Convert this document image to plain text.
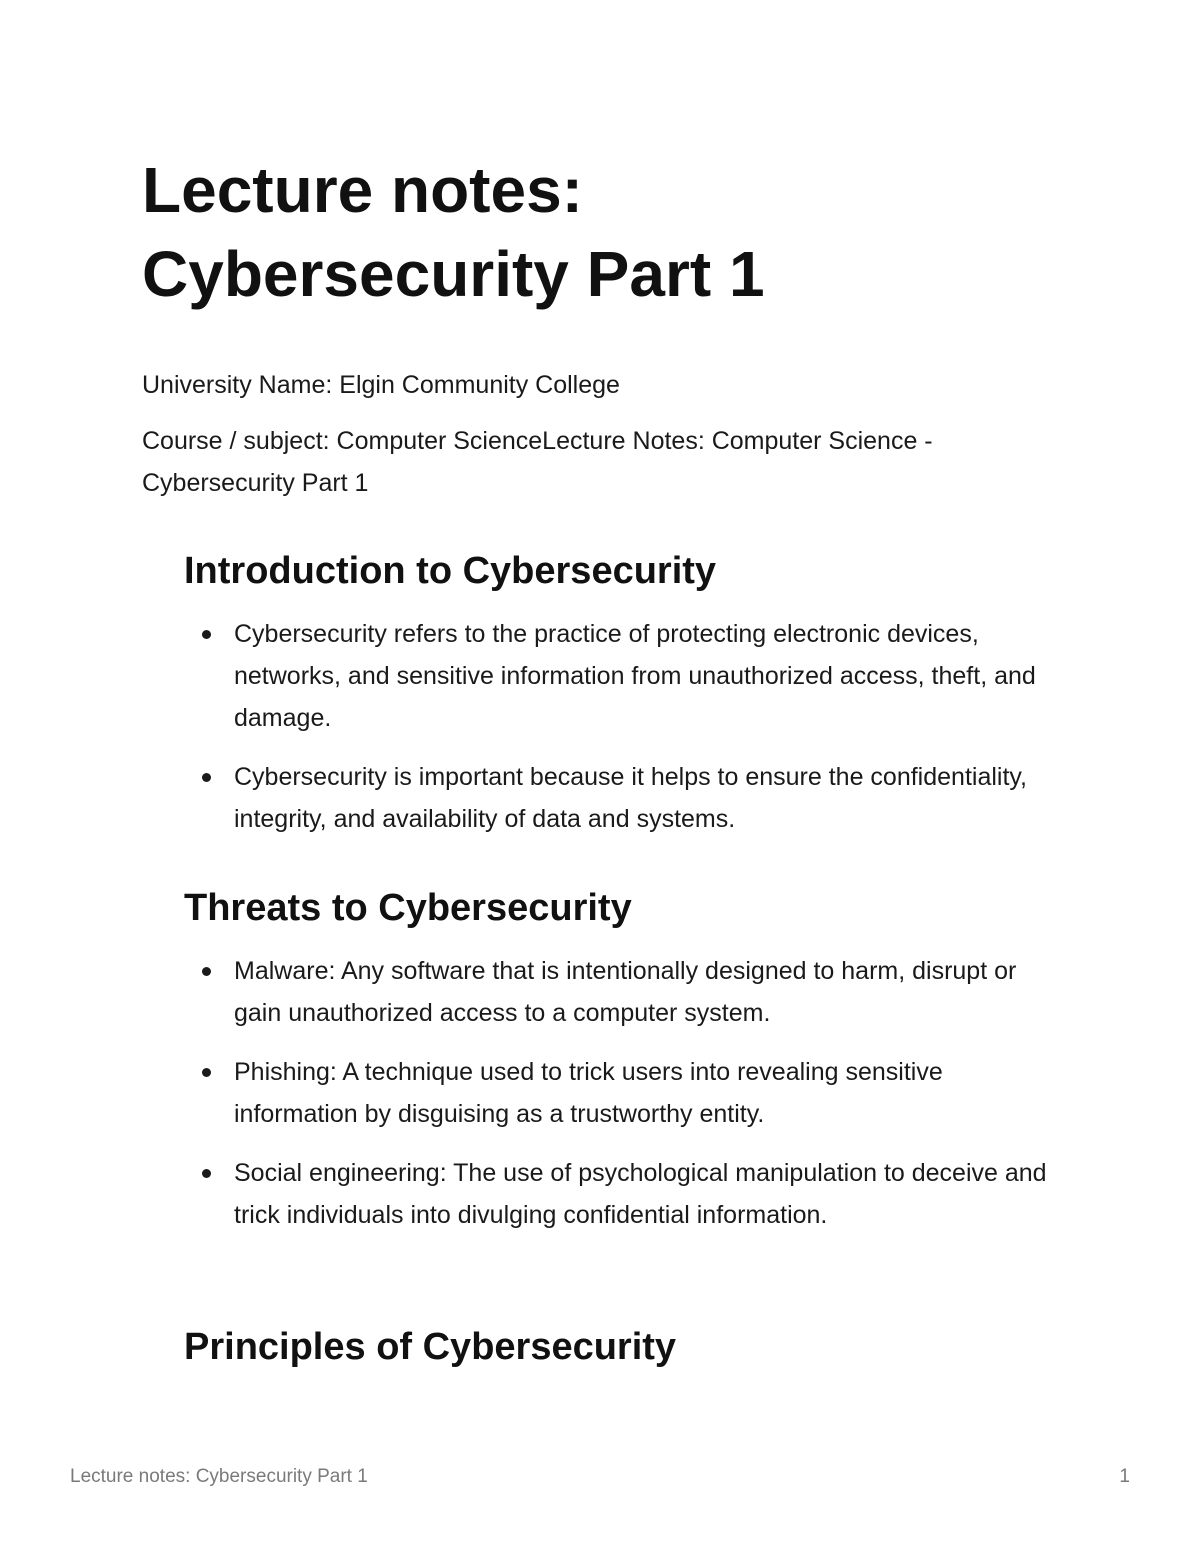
Lecture notes:
Cybersecurity Part 1

University Name: Elgin Community College

Course / subject: Computer ScienceLecture Notes: Computer Science - Cybersecurity Part 1

Introduction to Cybersecurity
Cybersecurity refers to the practice of protecting electronic devices, networks, and sensitive information from unauthorized access, theft, and damage.
Cybersecurity is important because it helps to ensure the confidentiality, integrity, and availability of data and systems.
Threats to Cybersecurity
Malware: Any software that is intentionally designed to harm, disrupt or gain unauthorized access to a computer system.
Phishing: A technique used to trick users into revealing sensitive information by disguising as a trustworthy entity.
Social engineering: The use of psychological manipulation to deceive and trick individuals into divulging confidential information.
Principles of Cybersecurity
Lecture notes: Cybersecurity Part 1	1
